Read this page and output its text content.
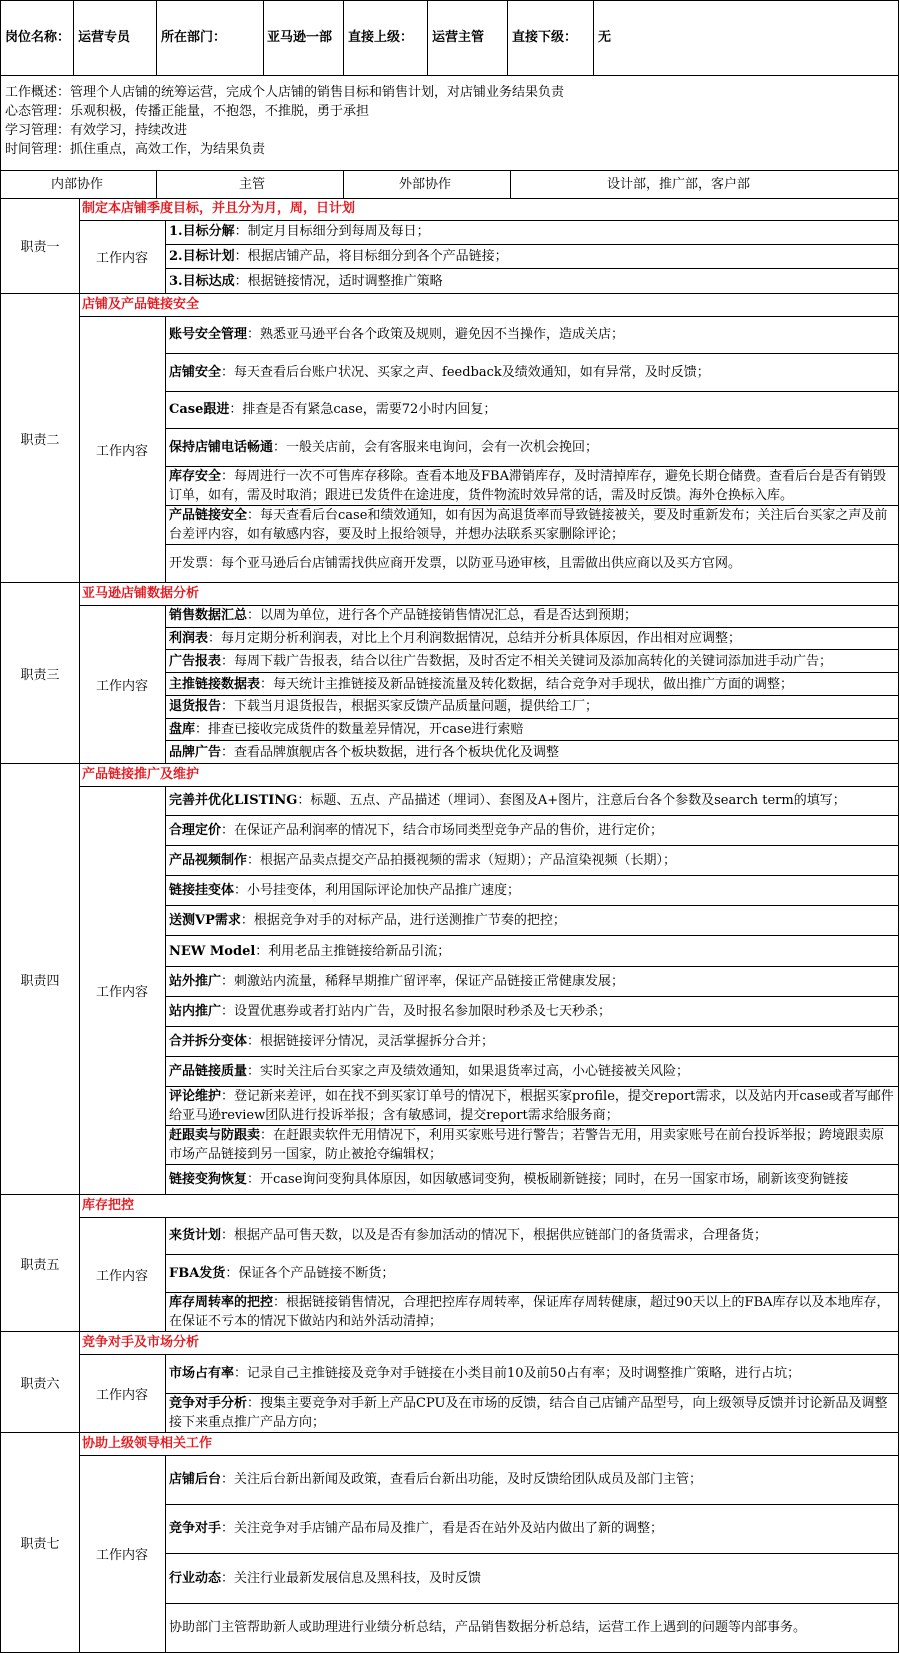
岗位名称： 运营专员 所在部门：	亚马逊一部 直接上级： 运营主管 直接下级： 无
工作概述：管理个人店铺的统筹运营，完成个人店铺的销售目标和销售计划，对店铺业务结果负责
心态管理：乐观积极，传播正能量，不抱怨，不推脱，勇于承担
学习管理：有效学习，持续改进
时间管理：抓住重点，高效工作，为结果负责
内部协作	主管	外部协作	设计部，推广部，客户部
职责一
制定本店铺季度目标，并且分为月，周，日计划
工作内容
1.目标分解：制定月目标细分到每周及每日；
2.目标计划：根据店铺产品，将目标细分到各个产品链接；
3.目标达成：根据链接情况，适时调整推广策略
职责二
店铺及产品链接安全
工作内容
账号安全管理：熟悉亚马逊平台各个政策及规则，避免因不当操作，造成关店；
店铺安全：每天查看后台账户状况、买家之声、feedback及绩效通知，如有异常，及时反馈；
Case跟进：排查是否有紧急case，需要72小时内回复；
保持店铺电话畅通：一般关店前，会有客服来电询问，会有一次机会挽回；
库存安全：每周进行一次不可售库存移除。查看本地及FBA滞销库存，及时清掉库存，避免长期仓储费。查看后台是否有销毁订单，如有，需及时取消；跟进已发货件在途进度，货件物流时效异常的话，需及时反馈。海外仓换标入库。
产品链接安全：每天查看后台case和绩效通知，如有因为高退货率而导致链接被关，要及时重新发布；关注后台买家之声及前台差评内容，如有敏感内容，要及时上报给领导，并想办法联系买家删除评论；
开发票：每个亚马逊后台店铺需找供应商开发票，以防亚马逊审核，且需做出供应商以及买方官网。
职责三
亚马逊店铺数据分析
工作内容
销售数据汇总：以周为单位，进行各个产品链接销售情况汇总，看是否达到预期；
利润表：每月定期分析利润表，对比上个月利润数据情况，总结并分析具体原因，作出相对应调整；
广告报表：每周下载广告报表，结合以往广告数据，及时否定不相关关键词及添加高转化的关键词添加进手动广告；
主推链接数据表：每天统计主推链接及新品链接流量及转化数据，结合竞争对手现状，做出推广方面的调整；
退货报告：下载当月退货报告，根据买家反馈产品质量问题，提供给工厂；
盘库：排查已接收完成货件的数量差异情况，开case进行索赔
品牌广告：查看品牌旗舰店各个板块数据，进行各个板块优化及调整
职责四
产品链接推广及维护
工作内容
完善并优化LISTING：标题、五点、产品描述（埋词）、套图及A+图片，注意后台各个参数及search term的填写；
合理定价：在保证产品利润率的情况下，结合市场同类型竞争产品的售价，进行定价；
产品视频制作：根据产品卖点提交产品拍摄视频的需求（短期）；产品渲染视频（长期）；
链接挂变体：小号挂变体，利用国际评论加快产品推广速度；
送测VP需求：根据竞争对手的对标产品，进行送测推广节奏的把控；
NEW Model：利用老品主推链接给新品引流；
站外推广：刺激站内流量，稀释早期推广留评率，保证产品链接正常健康发展；
站内推广：设置优惠券或者打站内广告，及时报名参加限时秒杀及七天秒杀；
合并拆分变体：根据链接评分情况，灵活掌握拆分合并；
产品链接质量：实时关注后台买家之声及绩效通知，如果退货率过高，小心链接被关风险；
评论维护：登记新来差评，如在找不到买家订单号的情况下，根据买家profile，提交report需求，以及站内开case或者写邮件给亚马逊review团队进行投诉举报；含有敏感词，提交report需求给服务商；
赶跟卖与防跟卖：在赶跟卖软件无用情况下，利用买家账号进行警告；若警告无用，用卖家账号在前台投诉举报；跨境跟卖原市场产品链接到另一国家，防止被抢夺编辑权；
链接变狗恢复：开case询问变狗具体原因，如因敏感词变狗，模板刷新链接；同时，在另一国家市场，刷新该变狗链接
职责五
库存把控
工作内容
来货计划：根据产品可售天数，以及是否有参加活动的情况下，根据供应链部门的备货需求，合理备货；
FBA发货：保证各个产品链接不断货；
库存周转率的把控：根据链接销售情况，合理把控库存周转率，保证库存周转健康，超过90天以上的FBA库存以及本地库存，在保证不亏本的情况下做站内和站外活动清掉；
职责六
竞争对手及市场分析
工作内容
市场占有率：记录自己主推链接及竞争对手链接在小类目前10及前50占有率；及时调整推广策略，进行占坑；
竞争对手分析：搜集主要竞争对手新上产品CPU及在市场的反馈，结合自己店铺产品型号，向上级领导反馈并讨论新品及调整接下来重点推广产品方向；
职责七
协助上级领导相关工作
工作内容
店铺后台：关注后台新出新闻及政策，查看后台新出功能，及时反馈给团队成员及部门主管；
竞争对手：关注竞争对手店铺产品布局及推广，看是否在站外及站内做出了新的调整；
行业动态：关注行业最新发展信息及黑科技，及时反馈
协助部门主管帮助新人或助理进行业绩分析总结，产品销售数据分析总结，运营工作上遇到的问题等内部事务。
